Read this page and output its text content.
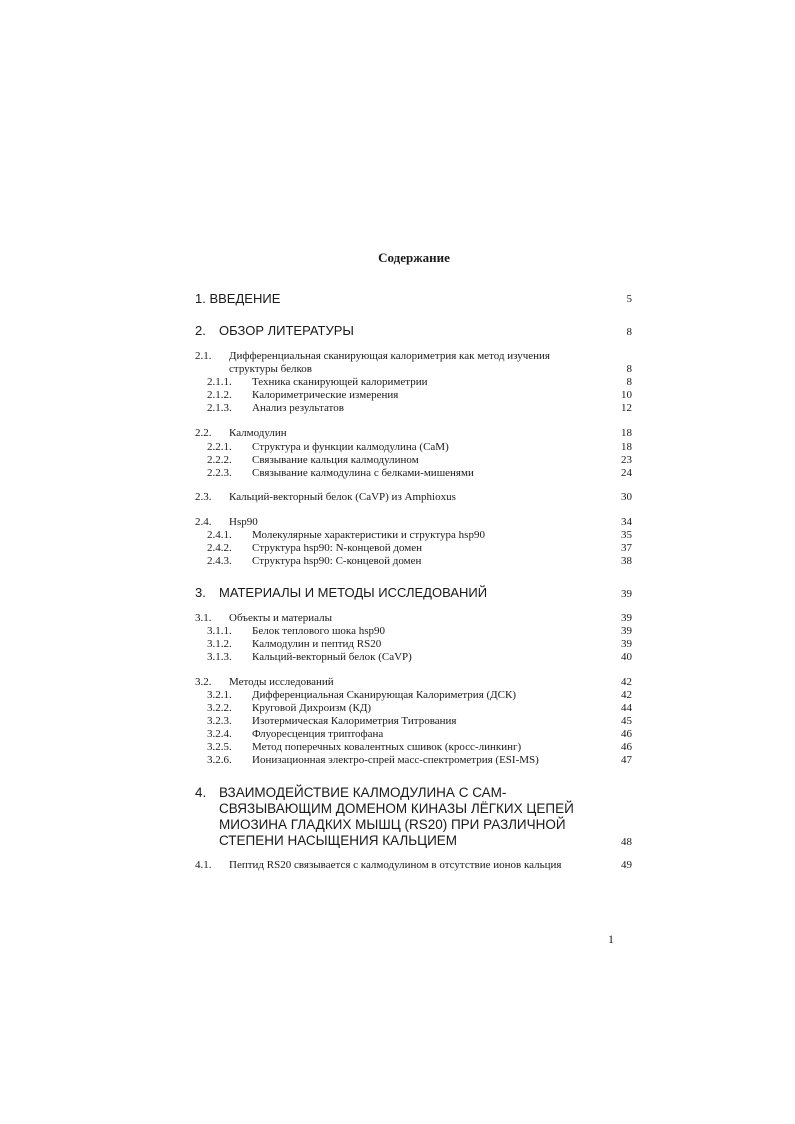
Содержание
1. ВВЕДЕНИЕ	5
2. ОБЗОР ЛИТЕРАТУРЫ	8
2.1. Дифференциальная сканирующая калориметрия как метод изучения структуры белков	8
2.1.1. Техника сканирующей калориметрии	8
2.1.2. Калориметрические измерения	10
2.1.3. Анализ результатов	12
2.2. Калмодулин	18
2.2.1. Структура и функции калмодулина (CaM)	18
2.2.2. Связывание кальция калмодулином	23
2.2.3. Связывание калмодулина с белками-мишенями	24
2.3. Кальций-векторный белок (CaVP) из Amphioxus	30
2.4. Hsp90	34
2.4.1. Молекулярные характеристики и структура hsp90	35
2.4.2. Структура hsp90: N-концевой домен	37
2.4.3. Структура hsp90: C-концевой домен	38
3. МАТЕРИАЛЫ И МЕТОДЫ ИССЛЕДОВАНИЙ	39
3.1. Объекты и материалы	39
3.1.1. Белок теплового шока hsp90	39
3.1.2. Калмодулин и пептид RS20	39
3.1.3. Кальций-векторный белок (CaVP)	40
3.2. Методы исследований	42
3.2.1. Дифференциальная Сканирующая Калориметрия (ДСК)	42
3.2.2. Круговой Дихроизм (КД)	44
3.2.3. Изотермическая Калориметрия Титрования	45
3.2.4. Флуоресценция триптофана	46
3.2.5. Метод поперечных ковалентных сшивок (кросс-линкинг)	46
3.2.6. Ионизационная электро-спрей масс-спектрометрия (ESI-MS)	47
4. ВЗАИМОДЕЙСТВИЕ КАЛМОДУЛИНА С САМ-СВЯЗЫВАЮЩИМ ДОМЕНОМ КИНАЗЫ ЛЁГКИХ ЦЕПЕЙ МИОЗИНА ГЛАДКИХ МЫШЦ (RS20) ПРИ РАЗЛИЧНОЙ СТЕПЕНИ НАСЫЩЕНИЯ КАЛЬЦИЕМ	48
4.1. Пептид RS20 связывается с калмодулином в отсутствие ионов кальция	49
1
